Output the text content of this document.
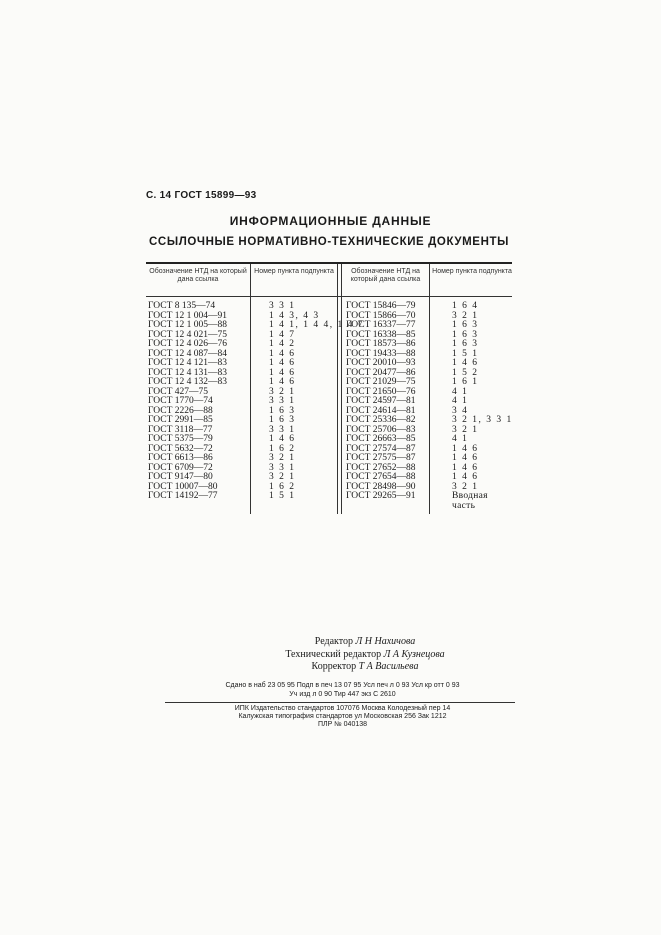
С. 14 ГОСТ 15899—93
ИНФОРМАЦИОННЫЕ ДАННЫЕ
ССЫЛОЧНЫЕ НОРМАТИВНО-ТЕХНИЧЕСКИЕ ДОКУМЕНТЫ
Обозначение НТД на который дана ссылка
Номер пункта подпункта	Обозначение НТД на который дана ссылка
Номер пункта подпункта
ГОСТ 8 135—74
ГОСТ 12 1 004—91
ГОСТ 12 1 005—88
ГОСТ 12 4 021—75
ГОСТ 12 4 026—76
ГОСТ 12 4 087—84
ГОСТ 12 4 121—83
ГОСТ 12 4 131—83
ГОСТ 12 4 132—83
ГОСТ 427—75
ГОСТ 1770—74
ГОСТ 2226—88
ГОСТ 2991—85
ГОСТ 3118—77
ГОСТ 5375—79
ГОСТ 5632—72
ГОСТ 6613—86
ГОСТ 6709—72
ГОСТ 9147—80
ГОСТ 10007—80
ГОСТ 14192—77
3 3 1
1 4 3, 4 3
1 4 1, 1 4 4, 1 4 7
1 4 7
1 4 2
1 4 6
1 4 6
1 4 6
1 4 6
3 2 1
3 3 1
1 6 3
1 6 3
3 3 1
1 4 6
1 6 2
3 2 1
3 3 1
3 2 1
1 6 2
1 5 1
ГОСТ 15846—79
ГОСТ 15866—70
ГОСТ 16337—77
ГОСТ 16338—85
ГОСТ 18573—86
ГОСТ 19433—88
ГОСТ 20010—93
ГОСТ 20477—86
ГОСТ 21029—75
ГОСТ 21650—76
ГОСТ 24597—81
ГОСТ 24614—81
ГОСТ 25336—82
ГОСТ 25706—83
ГОСТ 26663—85
ГОСТ 27574—87
ГОСТ 27575—87
ГОСТ 27652—88
ГОСТ 27654—88
ГОСТ 28498—90
ГОСТ 29265—91
1 6 4
3 2 1
1 6 3
1 6 3
1 6 3
1 5 1
1 4 6
1 5 2
1 6 1
4 1
4 1
3 4
3 2 1, 3 3 1
3 2 1
4 1
1 4 6
1 4 6
1 4 6
1 4 6
3 2 1
Вводная часть
Редактор Л Н Нахичова
Технический редактор Л А Кузнецова
Корректор Т А Васильева
Сдано в наб 23 05 95 Подп в печ 13 07 95 Усл печ л 0 93 Усл кр отт 0 93
Уч изд л 0 90 Тир 447 экз С 2610
ИПК Издательство стандартов 107076 Москва Колодезный пер 14
Калужская типография стандартов ул Московская 256 Зак 1212
ПЛР № 040138
